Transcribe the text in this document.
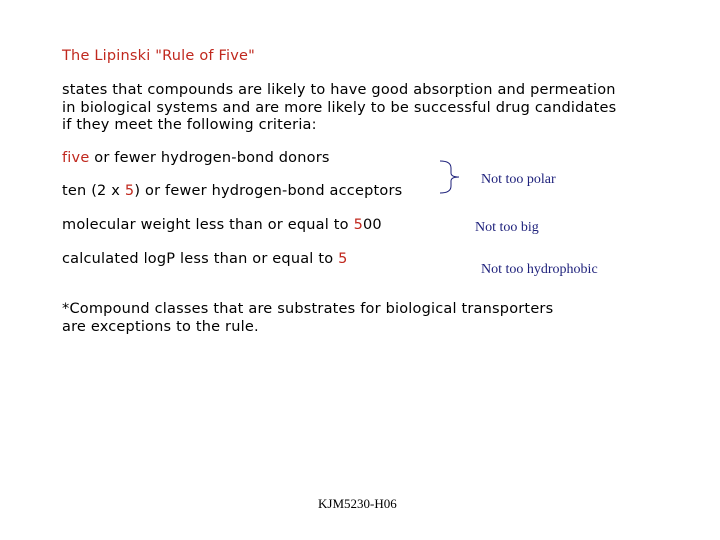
The Lipinski "Rule of Five"
states that compounds are likely to have good absorption and permeation
in biological systems and are more likely to be successful drug candidates
if they meet the following criteria:
five or fewer hydrogen-bond donors
ten (2 x 5) or fewer hydrogen-bond acceptors
molecular weight less than or equal to 500
calculated logP less than or equal to 5
Not too polar
Not too big
Not too hydrophobic
*Compound classes that are substrates for biological transporters
are exceptions to the rule.
KJM5230-H06
